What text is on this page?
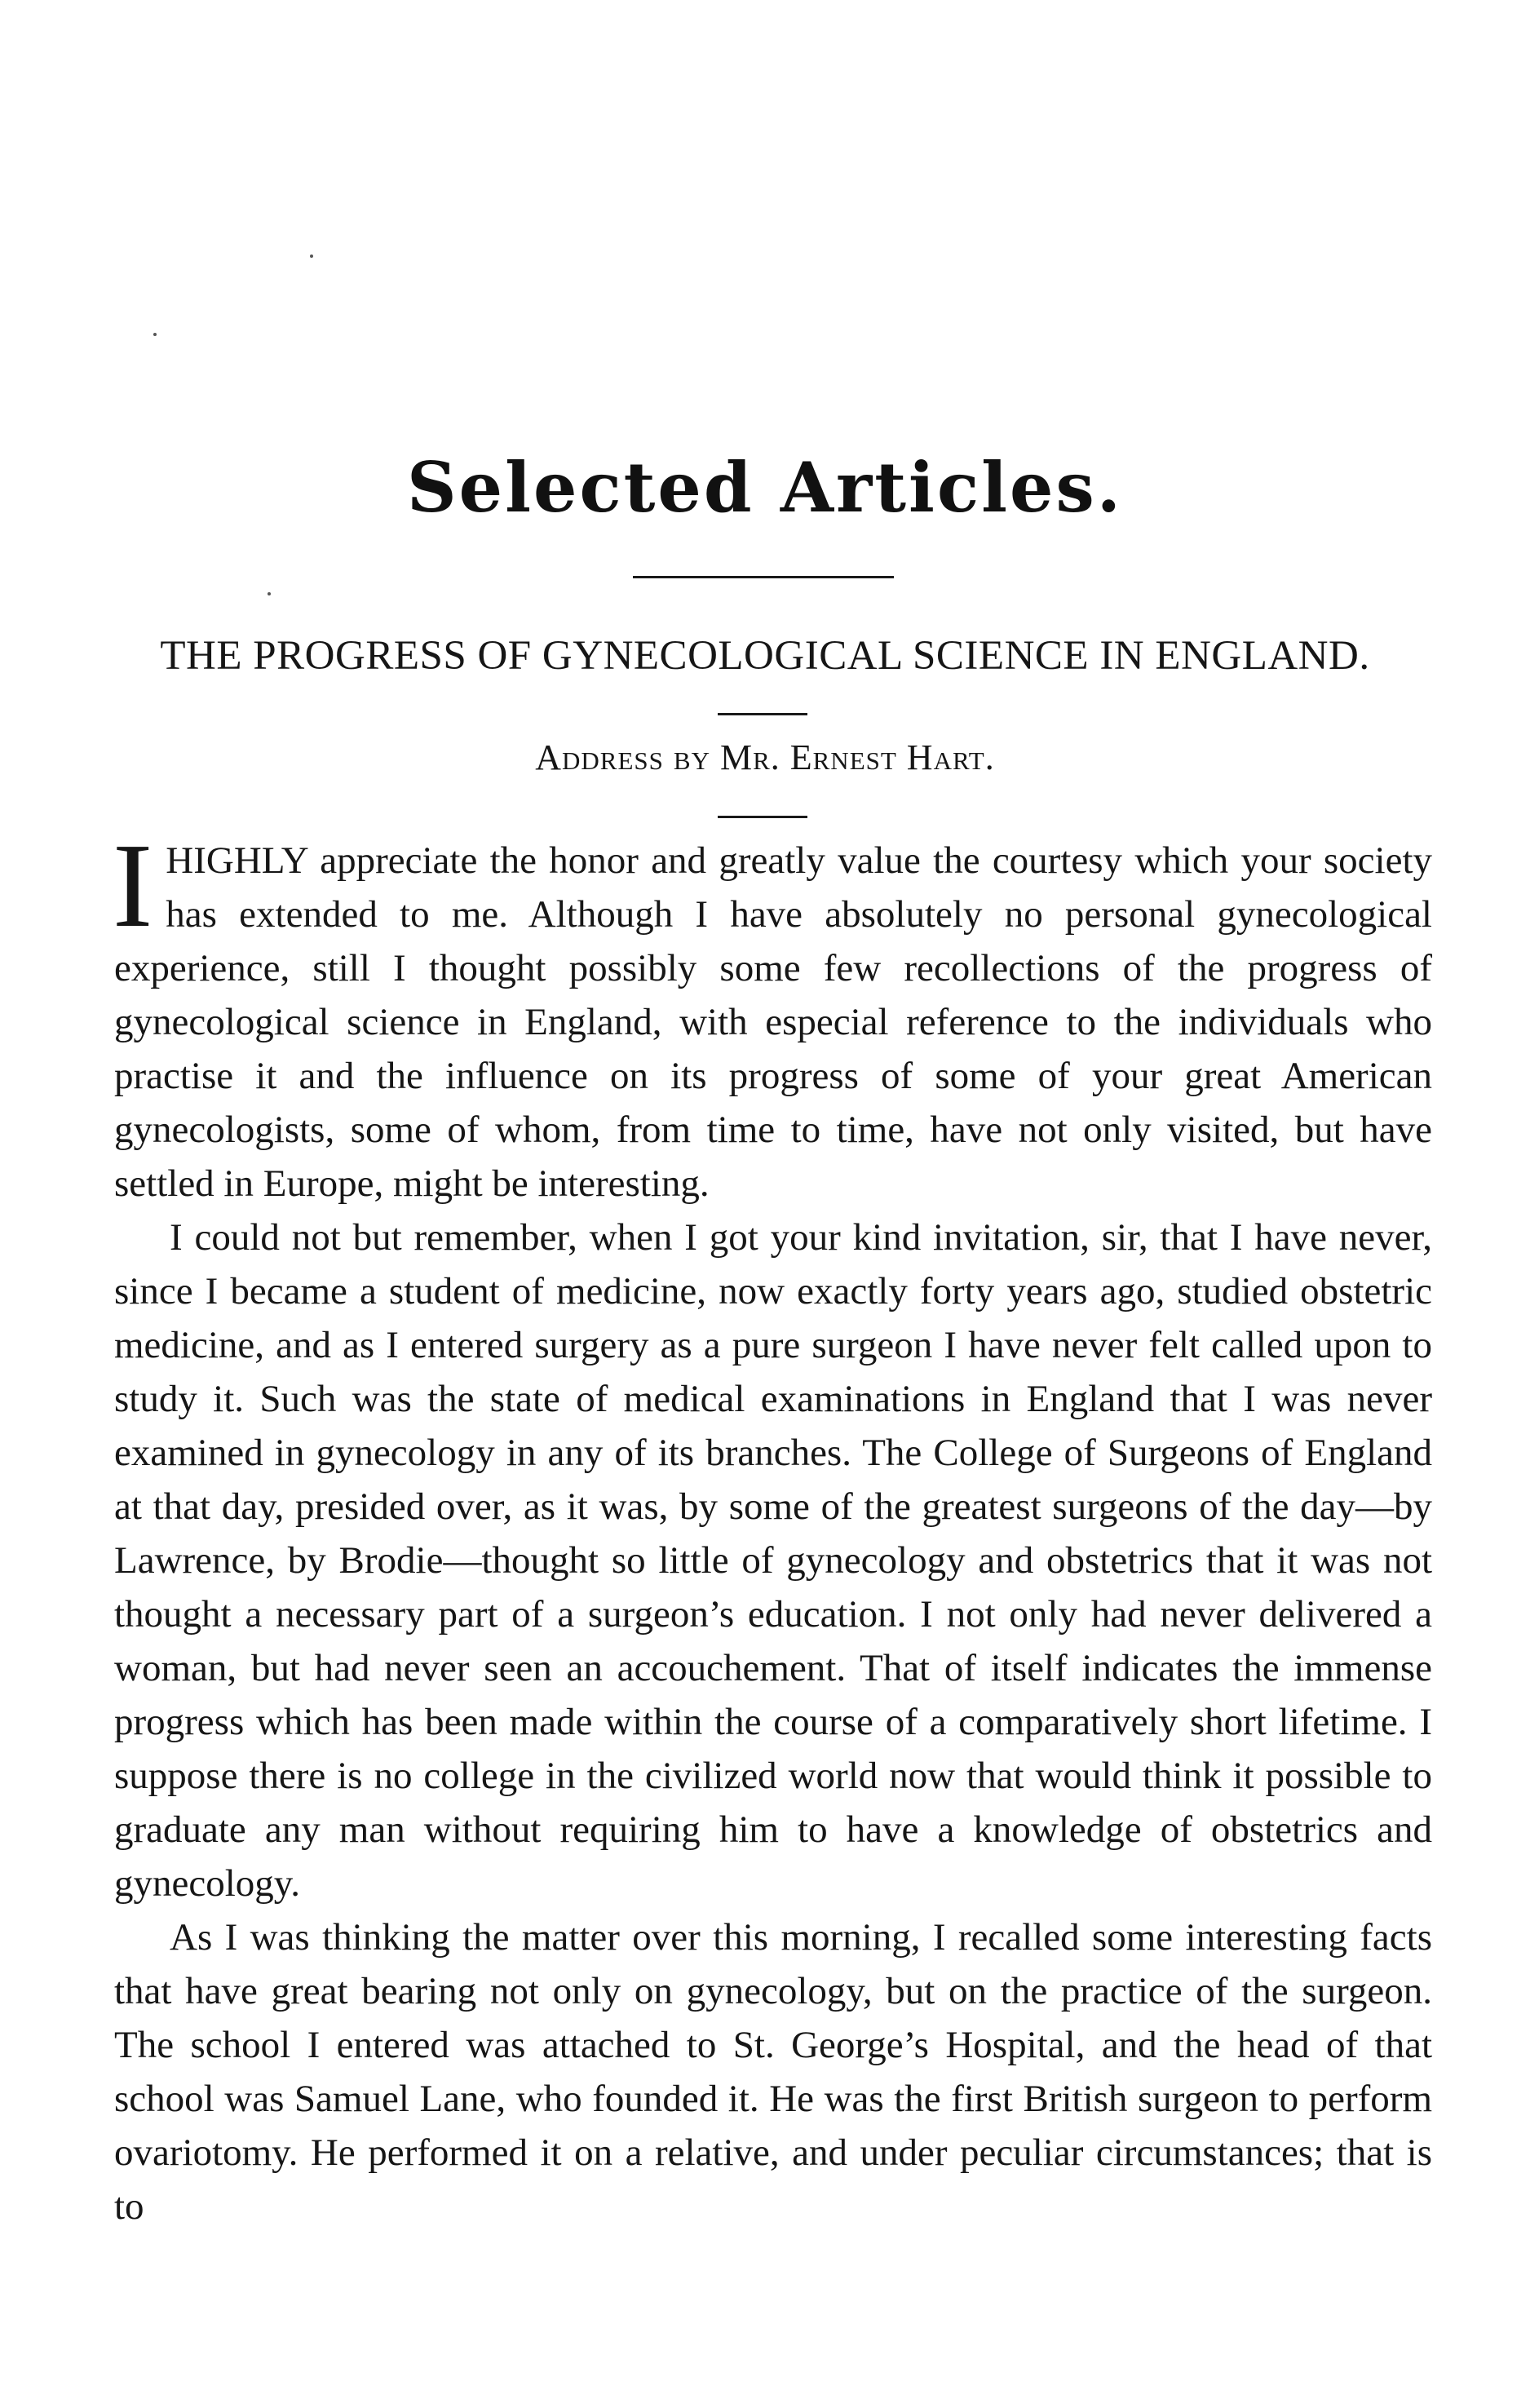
Selected Articles.
THE PROGRESS OF GYNECOLOGICAL SCIENCE IN ENGLAND.
Address by Mr. Ernest Hart.

I HIGHLY appreciate the honor and greatly value the courtesy which your society has extended to me. Although I have absolutely no personal gynecological experience, still I thought possibly some few recollections of the progress of gynecological science in England, with especial reference to the individuals who practise it and the influence on its progress of some of your great American gynecologists, some of whom, from time to time, have not only visited, but have settled in Europe, might be interesting.

I could not but remember, when I got your kind invitation, sir, that I have never, since I became a student of medicine, now exactly forty years ago, studied obstetric medicine, and as I entered surgery as a pure surgeon I have never felt called upon to study it. Such was the state of medical examinations in England that I was never examined in gynecology in any of its branches. The College of Surgeons of England at that day, presided over, as it was, by some of the greatest surgeons of the day—by Lawrence, by Brodie—thought so little of gynecology and obstetrics that it was not thought a necessary part of a surgeon’s education. I not only had never delivered a woman, but had never seen an accouchement. That of itself indicates the immense progress which has been made within the course of a comparatively short lifetime. I suppose there is no college in the civilized world now that would think it possible to graduate any man without requiring him to have a knowledge of obstetrics and gynecology.

As I was thinking the matter over this morning, I recalled some interesting facts that have great bearing not only on gynecology, but on the practice of the surgeon. The school I entered was attached to St. George’s Hospital, and the head of that school was Samuel Lane, who founded it. He was the first British surgeon to perform ovariotomy. He performed it on a relative, and under peculiar circumstances; that is to
